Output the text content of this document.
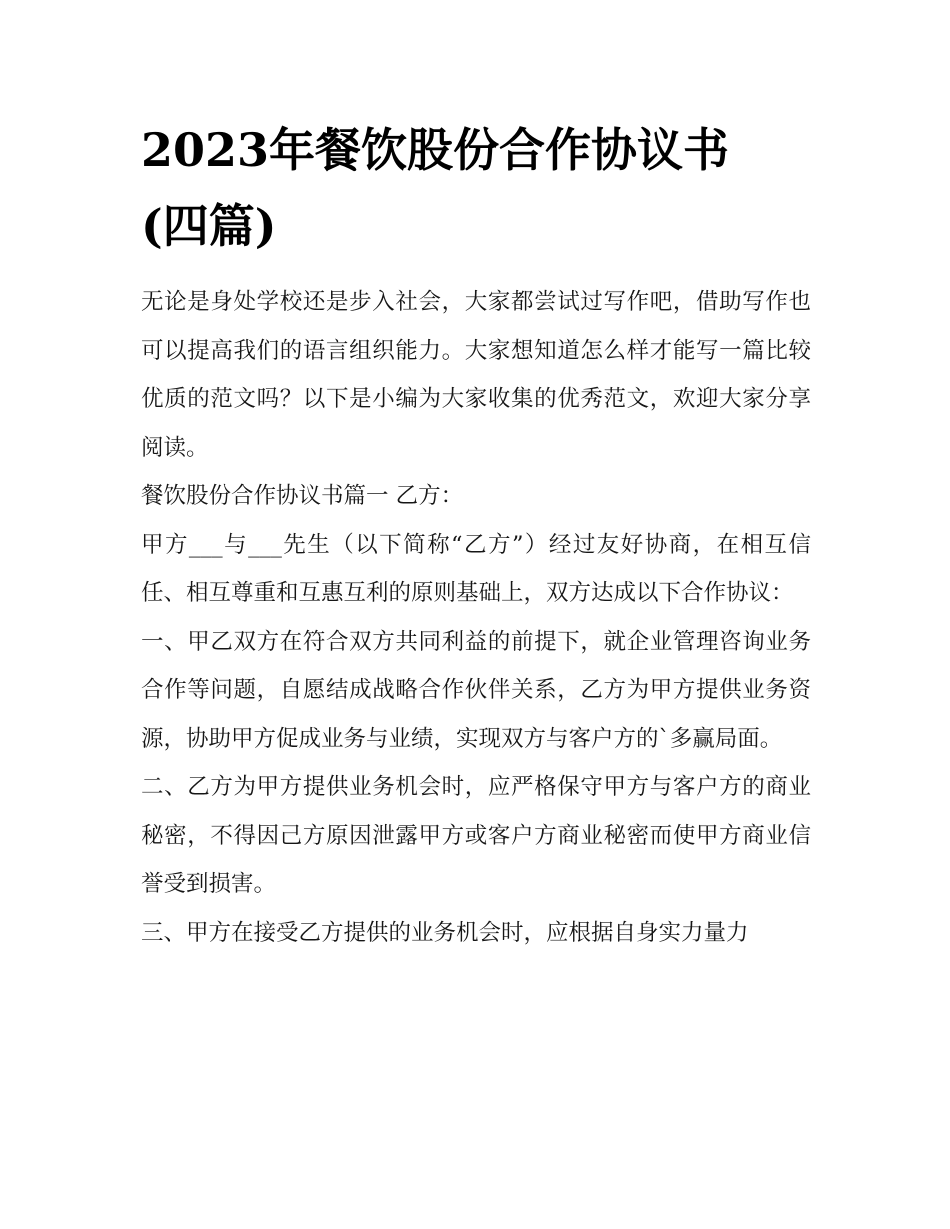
2023年餐饮股份合作协议书
(四篇)

无论是身处学校还是步入社会，大家都尝试过写作吧，借助写作也可以提高我们的语言组织能力。大家想知道怎么样才能写一篇比较优质的范文吗？以下是小编为大家收集的优秀范文，欢迎大家分享阅读。

餐饮股份合作协议书篇一 乙方：

甲方___与___先生（以下简称“乙方”）经过友好协商，在相互信任、相互尊重和互惠互利的原则基础上，双方达成以下合作协议：

一、甲乙双方在符合双方共同利益的前提下，就企业管理咨询业务合作等问题，自愿结成战略合作伙伴关系，乙方为甲方提供业务资源，协助甲方促成业务与业绩，实现双方与客户方的`多赢局面。

二、乙方为甲方提供业务机会时，应严格保守甲方与客户方的商业秘密，不得因己方原因泄露甲方或客户方商业秘密而使甲方商业信誉受到损害。

三、甲方在接受乙方提供的业务机会时，应根据自身实力量力
